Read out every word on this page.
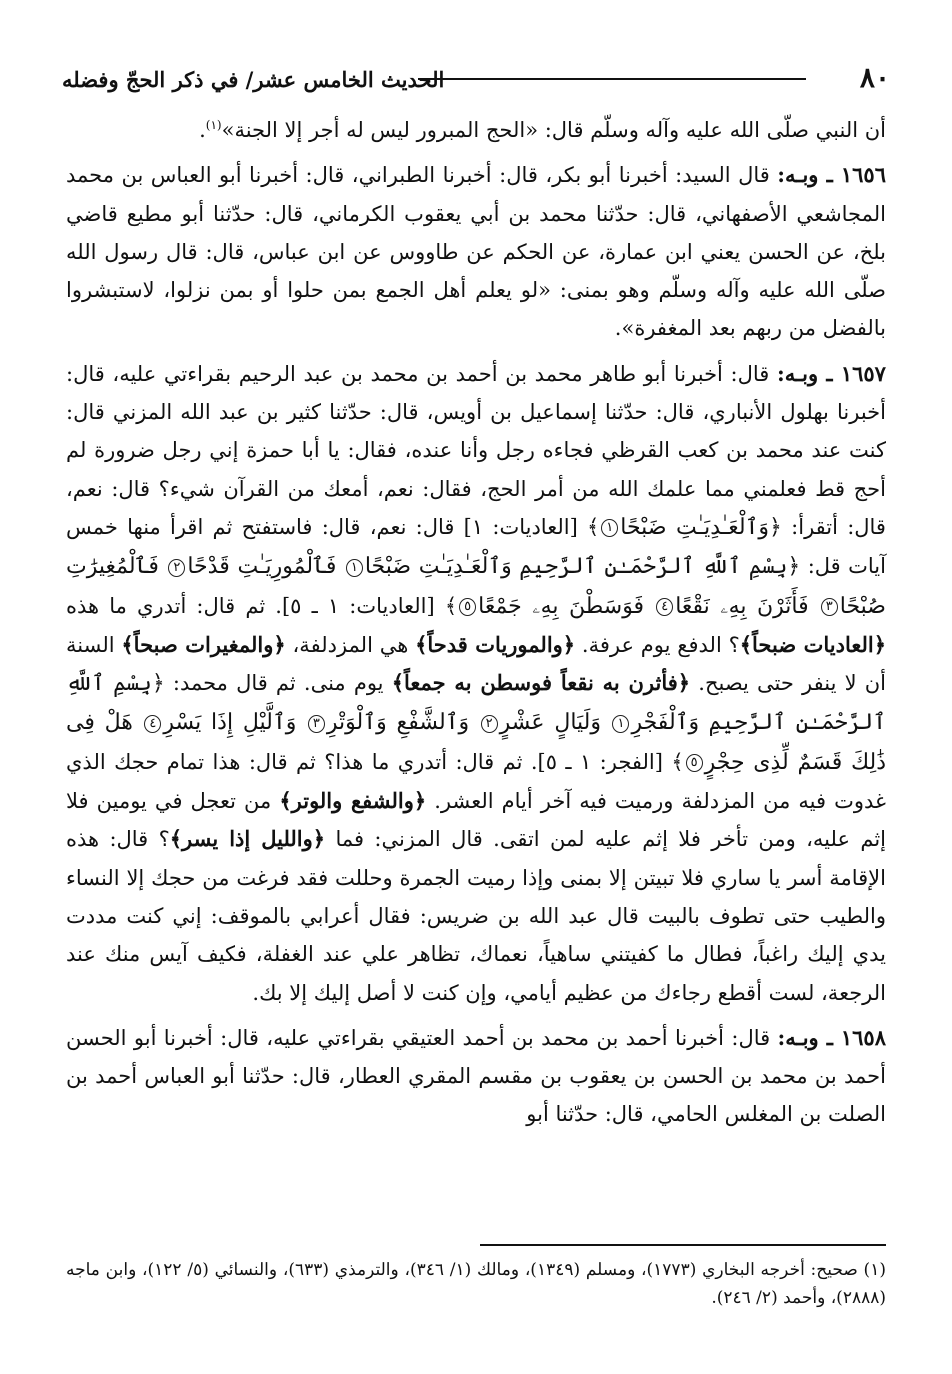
٨٠
الحديث الخامس عشر/ في ذكر الحجّ وفضله

أن النبي صلّى الله عليه وآله وسلّم قال: «الحج المبرور ليس له أجر إلا الجنة»$^{(١)}$.

١٦٥٦ ـ وبـه: قال السيد: أخبرنا أبو بكر، قال: أخبرنا الطبراني، قال: أخبرنا أبو العباس بن محمد المجاشعي الأصفهاني، قال: حدّثنا محمد بن أبي يعقوب الكرماني، قال: حدّثنا أبو مطيع قاضي بلخ، عن الحسن يعني ابن عمارة، عن الحكم عن طاووس عن ابن عباس، قال: قال رسول الله صلّى الله عليه وآله وسلّم وهو بمنى: «لو يعلم أهل الجمع بمن حلوا أو بمن نزلوا، لاستبشروا بالفضل من ربهم بعد المغفرة».

١٦٥٧ ـ وبـه: قال: أخبرنا أبو طاهر محمد بن أحمد بن محمد بن عبد الرحيم بقراءتي عليه، قال: أخبرنا بهلول الأنباري، قال: حدّثنا إسماعيل بن أويس، قال: حدّثنا كثير بن عبد الله المزني قال: كنت عند محمد بن كعب القرظي فجاءه رجل وأنا عنده، فقال: يا أبا حمزة إني رجل ضرورة لم أحج قط فعلمني مما علمك الله من أمر الحج، فقال: نعم، أمعك من القرآن شيء؟ قال: نعم، قال: أتقرأ: ﴿وَٱلْعَـٰدِيَـٰتِ ضَبْحًا١﴾ [العاديات: ١] قال: نعم، قال: فاستفتح ثم اقرأ منها خمس آيات قل: ﴿بِسْمِ ٱللَّهِ ٱلرَّحْمَـٰنِ ٱلرَّحِيمِ وَٱلْعَـٰدِيَـٰتِ ضَبْحًا١ فَٱلْمُورِيَـٰتِ قَدْحًا٢ فَٱلْمُغِيرَٰتِ صُبْحًا٣ فَأَثَرْنَ بِهِۦ نَقْعًا٤ فَوَسَطْنَ بِهِۦ جَمْعًا٥﴾ [العاديات: ١ ـ ٥]. ثم قال: أتدري ما هذه ﴿العاديات ضبحاً﴾؟ الدفع يوم عرفة. ﴿والموريات قدحاً﴾ هي المزدلفة، ﴿والمغيرات صبحاً﴾ السنة أن لا ينفر حتى يصبح. ﴿فأثرن به نقعاً فوسطن به جمعاً﴾ يوم منى. ثم قال محمد: ﴿بِسْمِ ٱللَّهِ ٱلرَّحْمَـٰنِ ٱلرَّحِيمِ وَٱلْفَجْرِ١ وَلَيَالٍ عَشْرٍ٢ وَٱلشَّفْعِ وَٱلْوَتْرِ٣ وَٱلَّيْلِ إِذَا يَسْرِ٤ هَلْ فِى ذَٰلِكَ قَسَمٌ لِّذِى حِجْرٍ٥﴾ [الفجر: ١ ـ ٥]. ثم قال: أتدري ما هذا؟ ثم قال: هذا تمام حجك الذي غدوت فيه من المزدلفة ورميت فيه آخر أيام العشر. ﴿والشفع والوتر﴾ من تعجل في يومين فلا إثم عليه، ومن تأخر فلا إثم عليه لمن اتقى. قال المزني: فما ﴿والليل إذا يسر﴾؟ قال: هذه الإقامة أسر يا ساري فلا تبيتن إلا بمنى وإذا رميت الجمرة وحللت فقد فرغت من حجك إلا النساء والطيب حتى تطوف بالبيت قال عبد الله بن ضريس: فقال أعرابي بالموقف: إني كنت مددت يدي إليك راغباً، فطال ما كفيتني ساهياً، نعماك، تظاهر علي عند الغفلة، فكيف آيس منك عند الرجعة، لست أقطع رجاءك من عظيم أيامي، وإن كنت لا أصل إليك إلا بك.

١٦٥٨ ـ وبـه: قال: أخبرنا أحمد بن محمد بن أحمد العتيقي بقراءتي عليه، قال: أخبرنا أبو الحسن أحمد بن محمد بن الحسن بن يعقوب بن مقسم المقري العطار، قال: حدّثنا أبو العباس أحمد بن الصلت بن المغلس الحامي، قال: حدّثنا أبو

(١) صحيح: أخرجه البخاري (١٧٧٣)، ومسلم (١٣٤٩)، ومالك (١/ ٣٤٦)، والترمذي (٦٣٣)، والنسائي (٥/ ١٢٢)، وابن ماجه (٢٨٨٨)، وأحمد (٢/ ٢٤٦).
